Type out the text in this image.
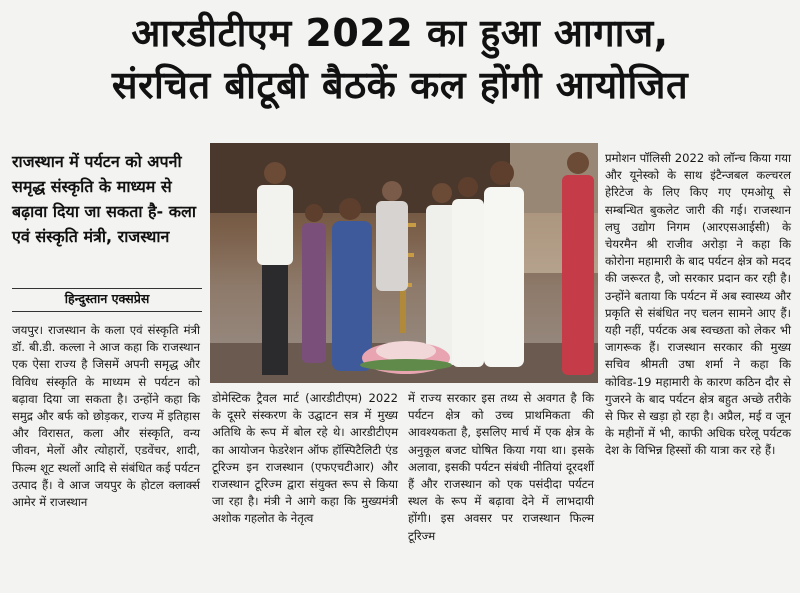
आरडीटीएम 2022 का हुआ आगाज,
संरचित बीटूबी बैठकें कल होंगी आयोजित
राजस्थान में पर्यटन को अपनी समृद्ध संस्कृति के माध्यम से बढ़ावा दिया जा सकता है- कला एवं संस्कृति मंत्री, राजस्थान
हिन्दुस्तान एक्सप्रेस

जयपुर। राजस्थान के कला एवं संस्कृति मंत्री डॉ. बी.डी. कल्ला ने आज कहा कि राजस्थान एक ऐसा राज्य है जिसमें अपनी समृद्ध और विविध संस्कृति के माध्यम से पर्यटन को बढ़ावा दिया जा सकता है। उन्होंने कहा कि समुद्र और बर्फ को छोड़कर, राज्य में इतिहास और विरासत, कला और संस्कृति, वन्य जीवन, मेलों और त्योहारों, एडवेंचर, शादी, फिल्म शूट स्थलों आदि से संबंधित कई पर्यटन उत्पाद हैं। वे आज जयपुर के होटल क्लार्क्स आमेर में राजस्थान

डोमेस्टिक ट्रैवल मार्ट (आरडीटीएम) 2022 के दूसरे संस्करण के उद्घाटन सत्र में मुख्य अतिथि के रूप में बोल रहे थे। आरडीटीएम का आयोजन फेडरेशन ऑफ हॉस्पिटैलिटी एंड टूरिज्म इन राजस्थान (एफएचटीआर) और राजस्थान टूरिज्म द्वारा संयुक्त रूप से किया जा रहा है। मंत्री ने आगे कहा कि मुख्यमंत्री अशोक गहलोत के नेतृत्व

में राज्य सरकार इस तथ्य से अवगत है कि पर्यटन क्षेत्र को उच्च प्राथमिकता की आवश्यकता है, इसलिए मार्च में एक क्षेत्र के अनुकूल बजट घोषित किया गया था। इसके अलावा, इसकी पर्यटन संबंधी नीतियां दूरदर्शी हैं और राजस्थान को एक पसंदीदा पर्यटन स्थल के रूप में बढ़ावा देने में लाभदायी होंगी। इस अवसर पर राजस्थान फिल्म टूरिज्म

प्रमोशन पॉलिसी 2022 को लॉन्च किया गया और यूनेस्को के साथ इंटैन्जबल कल्चरल हेरिटेज के लिए किए गए एमओयू से सम्बन्धित बुकलेट जारी की गई। राजस्थान लघु उद्योग निगम (आरएसआईसी) के चेयरमैन श्री राजीव अरोड़ा ने कहा कि कोरोना महामारी के बाद पर्यटन क्षेत्र को मदद की जरूरत है, जो सरकार प्रदान कर रही है। उन्होंने बताया कि पर्यटन में अब स्वास्थ्य और प्रकृति से संबंधित नए चलन सामने आए हैं। यही नहीं, पर्यटक अब स्वच्छता को लेकर भी जागरूक हैं। राजस्थान सरकार की मुख्य सचिव श्रीमती उषा शर्मा ने कहा कि कोविड-19 महामारी के कारण कठिन दौर से गुजरने के बाद पर्यटन क्षेत्र बहुत अच्छे तरीके से फिर से खड़ा हो रहा है। अप्रैल, मई व जून के महीनों में भी, काफी अधिक घरेलू पर्यटक देश के विभिन्न हिस्सों की यात्रा कर रहे हैं।
